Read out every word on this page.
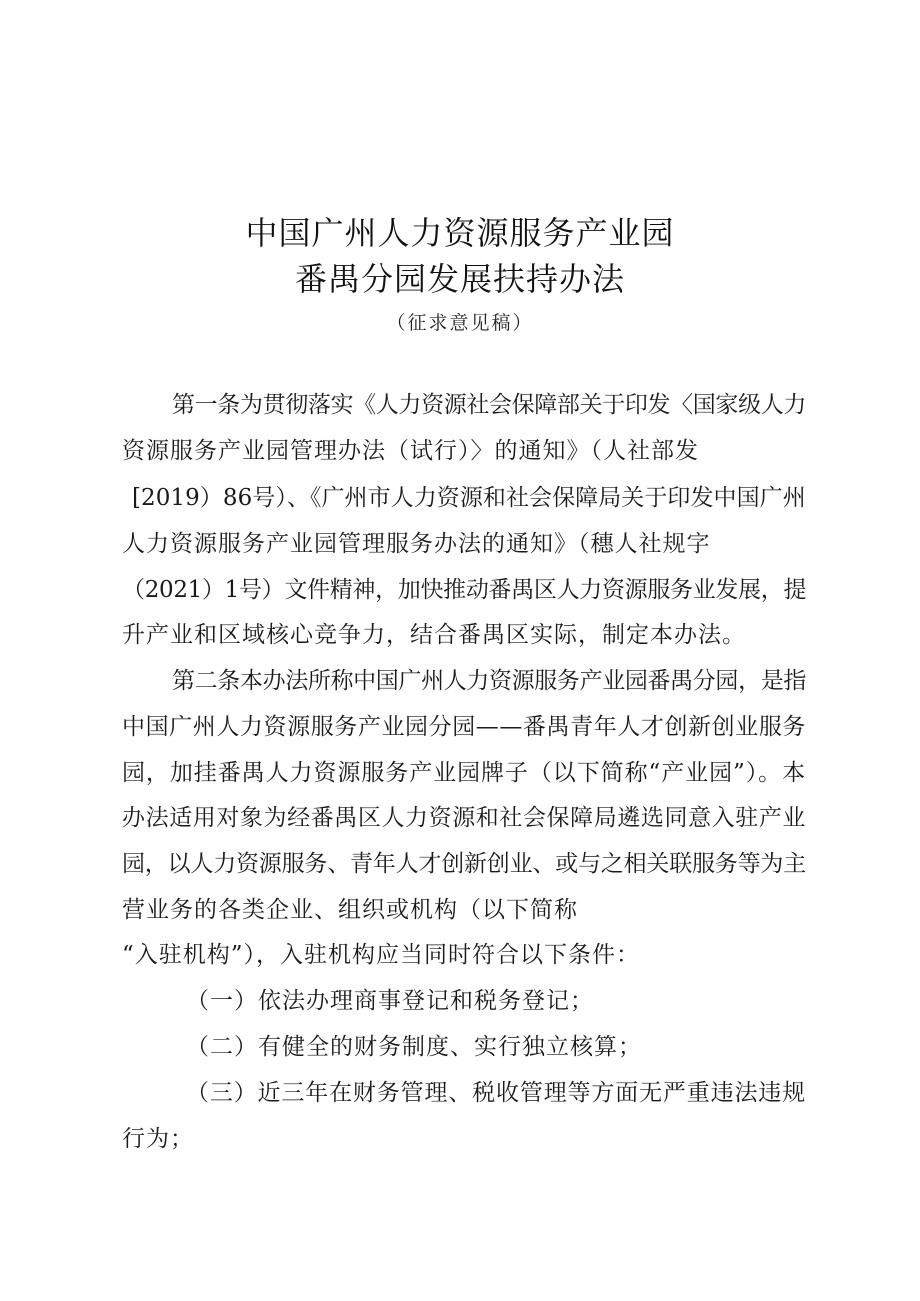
中国广州人力资源服务产业园
番禺分园发展扶持办法
（征求意见稿）
第一条为贯彻落实《人力资源社会保障部关于印发〈国家级人力
资源服务产业园管理办法（试行）〉的通知》（人社部发
[2019）86号）、《广州市人力资源和社会保障局关于印发中国广州
人力资源服务产业园管理服务办法的通知》（穗人社规字
（2021）1号）文件精神，加快推动番禺区人力资源服务业发展，提
升产业和区域核心竞争力，结合番禺区实际，制定本办法。
第二条本办法所称中国广州人力资源服务产业园番禺分园，是指
中国广州人力资源服务产业园分园——番禺青年人才创新创业服务
园，加挂番禺人力资源服务产业园牌子（以下简称“产业园”）。本
办法适用对象为经番禺区人力资源和社会保障局遴选同意入驻产业
园，以人力资源服务、青年人才创新创业、或与之相关联服务等为主
营业务的各类企业、组织或机构（以下简称
“入驻机构”），入驻机构应当同时符合以下条件：
（一）依法办理商事登记和税务登记；
（二）有健全的财务制度、实行独立核算；
（三）近三年在财务管理、税收管理等方面无严重违法违规
行为；
